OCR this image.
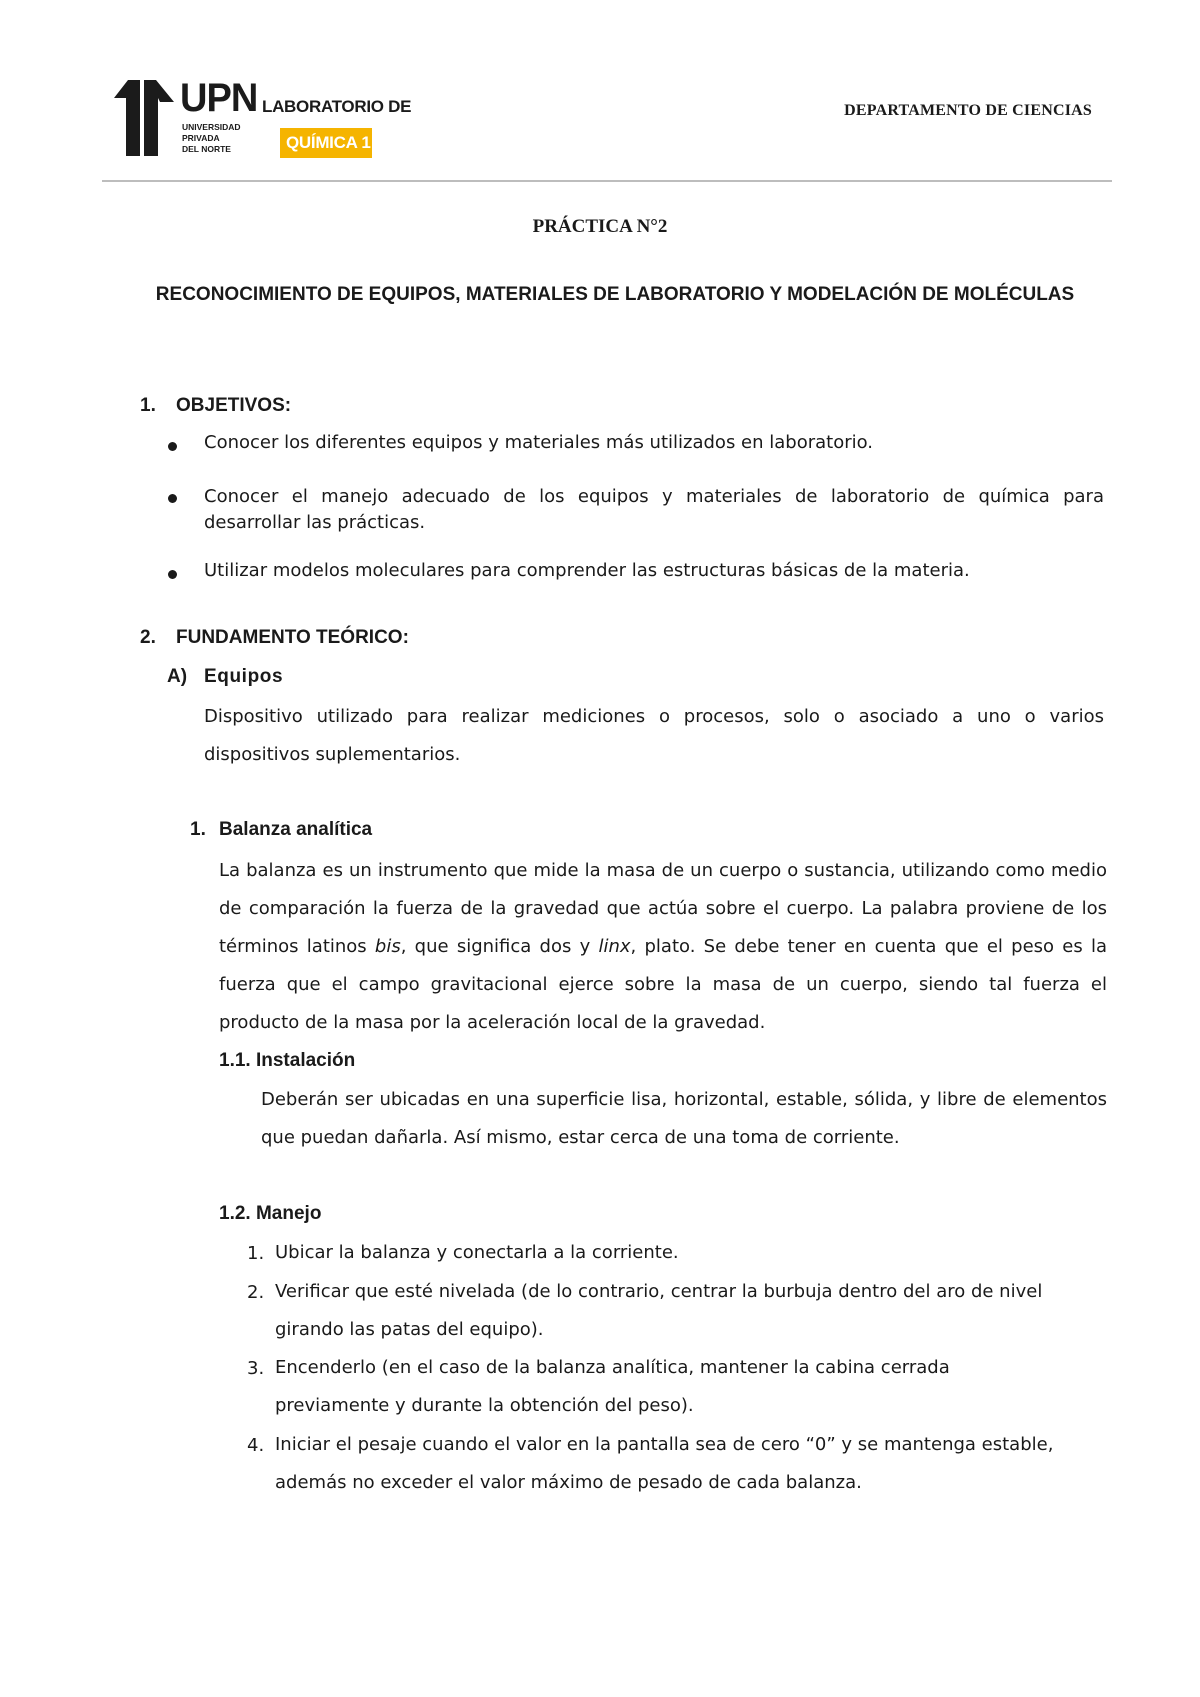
UPN
UNIVERSIDAD
PRIVADA
DEL NORTE
LABORATORIO DE
QUÍMICA 1
DEPARTAMENTO DE CIENCIAS
PRÁCTICA N°2
RECONOCIMIENTO DE EQUIPOS, MATERIALES DE LABORATORIO Y MODELACIÓN DE MOLÉCULAS
1. OBJETIVOS:
Conocer los diferentes equipos y materiales más utilizados en laboratorio.
Conocer el manejo adecuado de los equipos y materiales de laboratorio de química para desarrollar las prácticas.
Utilizar modelos moleculares para comprender las estructuras básicas de la materia.
2. FUNDAMENTO TEÓRICO:
A) Equipos
Dispositivo utilizado para realizar mediciones o procesos, solo o asociado a uno o varios dispositivos suplementarios.
1. Balanza analítica
La balanza es un instrumento que mide la masa de un cuerpo o sustancia, utilizando como medio de comparación la fuerza de la gravedad que actúa sobre el cuerpo. La palabra proviene de los términos latinos bis, que significa dos y linx, plato. Se debe tener en cuenta que el peso es la fuerza que el campo gravitacional ejerce sobre la masa de un cuerpo, siendo tal fuerza el producto de la masa por la aceleración local de la gravedad.
1.1. Instalación
Deberán ser ubicadas en una superficie lisa, horizontal, estable, sólida, y libre de elementos que puedan dañarla. Así mismo, estar cerca de una toma de corriente.
1.2. Manejo
1. Ubicar la balanza y conectarla a la corriente.
2. Verificar que esté nivelada (de lo contrario, centrar la burbuja dentro del aro de nivel girando las patas del equipo).
3. Encenderlo (en el caso de la balanza analítica, mantener la cabina cerrada previamente y durante la obtención del peso).
4. Iniciar el pesaje cuando el valor en la pantalla sea de cero “0” y se mantenga estable, además no exceder el valor máximo de pesado de cada balanza.
